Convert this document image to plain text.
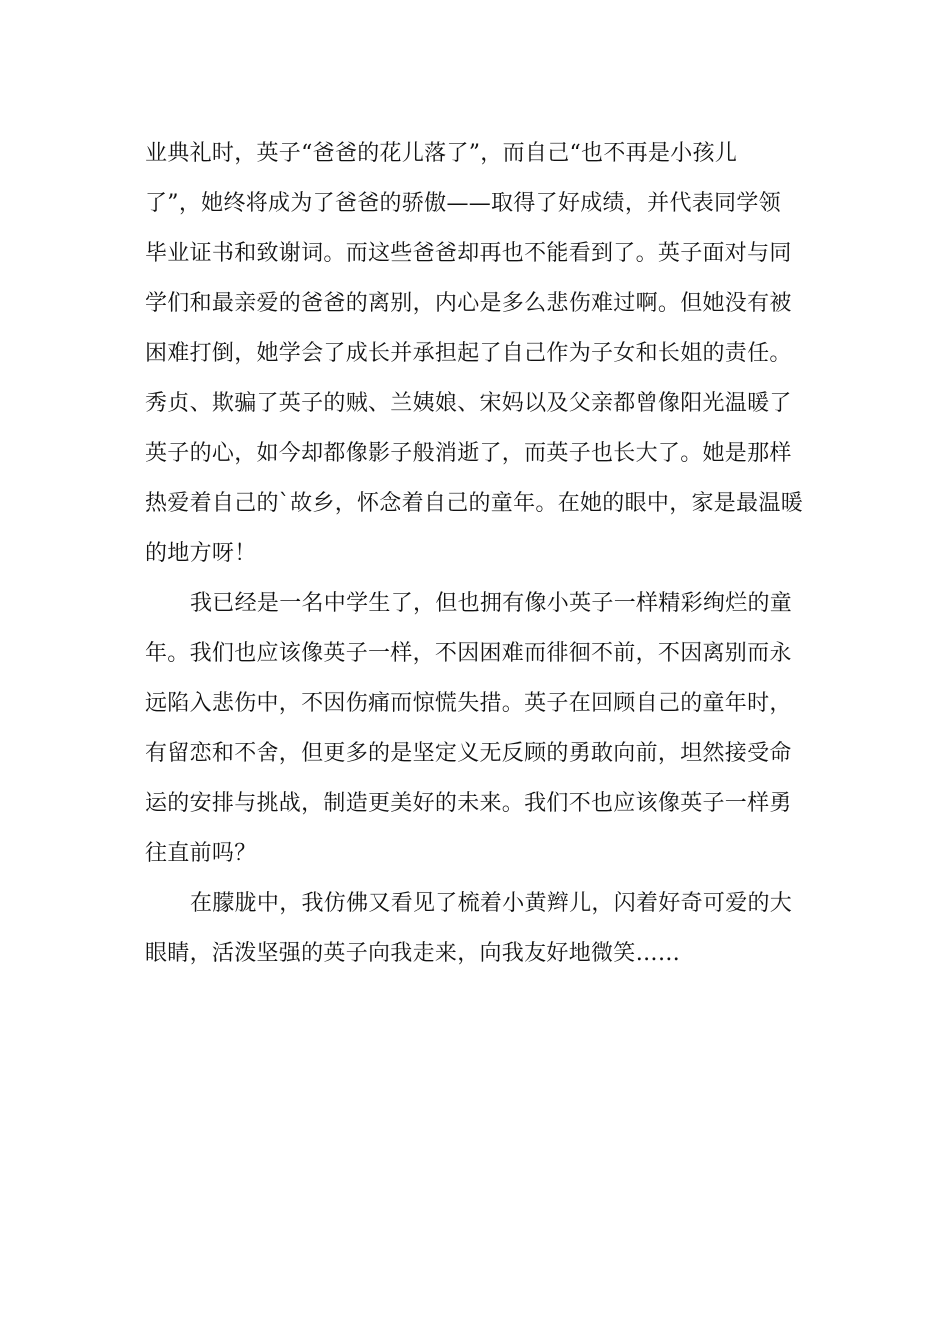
业典礼时，英子“爸爸的花儿落了”，而自己“也不再是小孩儿
了”，她终将成为了爸爸的骄傲——取得了好成绩，并代表同学领
毕业证书和致谢词。而这些爸爸却再也不能看到了。英子面对与同
学们和最亲爱的爸爸的离别，内心是多么悲伤难过啊。但她没有被
困难打倒，她学会了成长并承担起了自己作为子女和长姐的责任。
秀贞、欺骗了英子的贼、兰姨娘、宋妈以及父亲都曾像阳光温暖了
英子的心，如今却都像影子般消逝了，而英子也长大了。她是那样
热爱着自己的`故乡，怀念着自己的童年。在她的眼中，家是最温暖
的地方呀！
我已经是一名中学生了，但也拥有像小英子一样精彩绚烂的童
年。我们也应该像英子一样，不因困难而徘徊不前，不因离别而永
远陷入悲伤中，不因伤痛而惊慌失措。英子在回顾自己的童年时，
有留恋和不舍，但更多的是坚定义无反顾的勇敢向前，坦然接受命
运的安排与挑战，制造更美好的未来。我们不也应该像英子一样勇
往直前吗？
在朦胧中，我仿佛又看见了梳着小黄辫儿，闪着好奇可爱的大
眼睛，活泼坚强的英子向我走来，向我友好地微笑……
